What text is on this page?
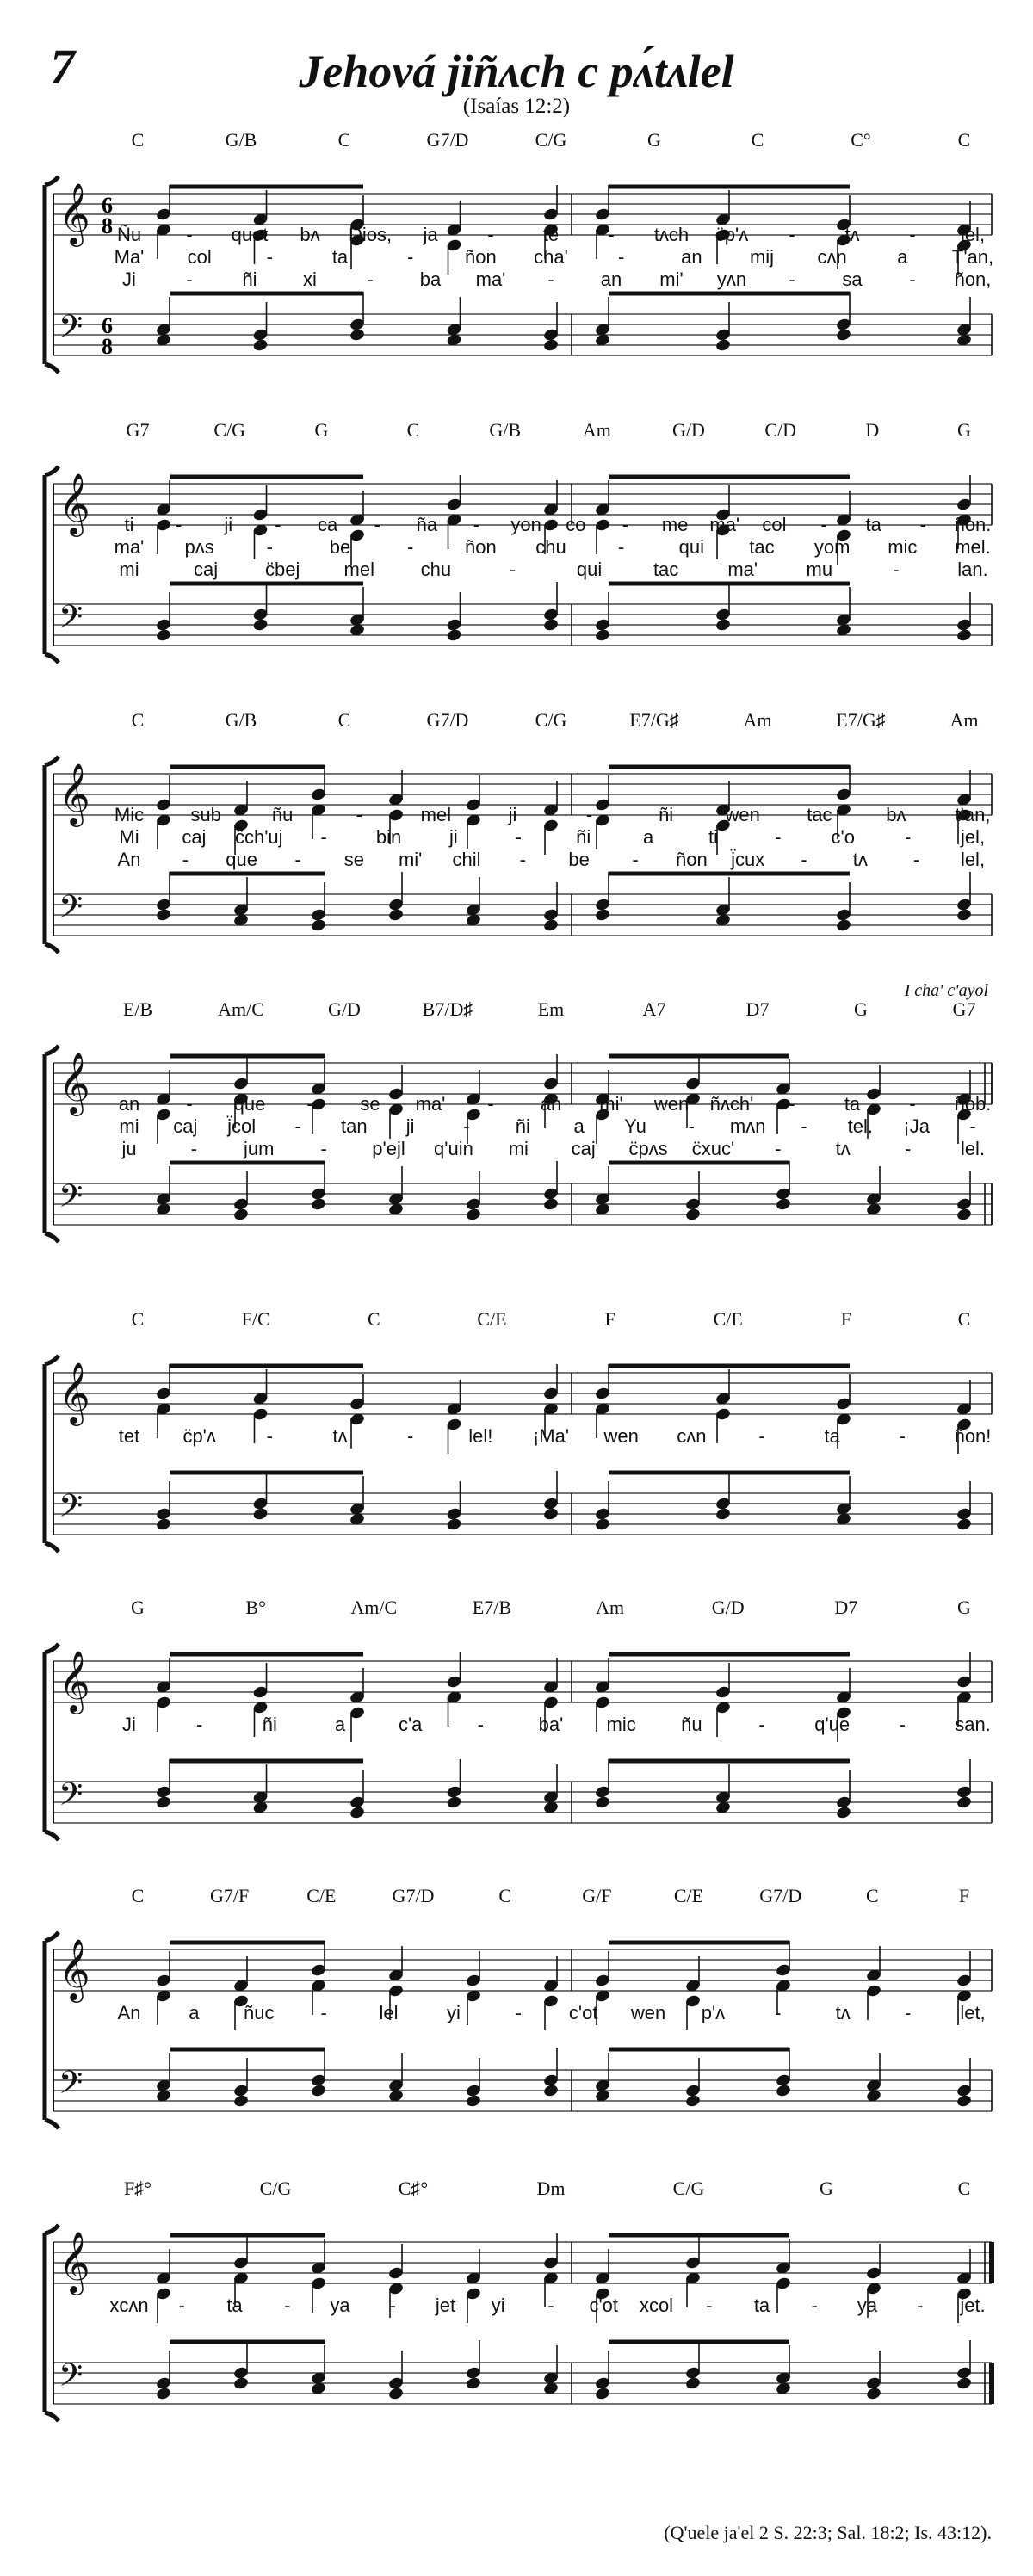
7	Jehová jiñʌch c pʌ́tʌlel
(Isaías 12:2)
𝄞
𝄢
6
8
6
8
C	G/B	C	G7/D	C/G	G	C	C°	C
Ñu - quet bʌ Dios, ja	-	te	- tʌch c̈p'ʌ -	tʌ	- lel,
Ma' col	-	ta	-	ñon cha'	-	an	mij cʌn	a T'an,
Ji	-	ñi xi	- ba ma' - an mi' yʌn - sa - ñon,
𝄞
𝄢
G7	C/G	G	C	G/B	Am	G/D	C/D	D	G
ti - ji - ca - ña - yon co - me ma' col - ta - ñon.
ma' pʌs	-	be	-	ñon chu	-	qui tac yom mic mel.
mi	caj c̈bej mel chu	-	qui	tac	ma'	mu	-	lan.
𝄞
𝄢
C	G/B	C	G7/D	C/G	E7/G♯	Am	E7/G♯	Am
Mic sub	ñu	-	mel	ji	-	ñi	wen tac	bʌ	t'an,
Mi caj c̈ch'uj -	bin	ji	-	ñi	a	ti	-	c'o	-	jel,
An - que - se mi' chil - be - ñon j̈cux - tʌ - lel,
𝄞
𝄢
E/B	Am/C	G/D	B7/D♯	Em	A7	D7	G	G7
an - que - se ma' - an mi' wen ñʌch' -	ta	- ñob.
mi caj j̈col - tan ji	- ñi a Yu - mʌn - tel. ¡Ja -
ju	- jum - p'ejl q'uin mi caj c̈pʌs c̈xuc' -	tʌ	-	lel.
I cha' c'ayol
𝄞
𝄢
C	F/C	C	C/E	F	C/E	F	C
tet c̈p'ʌ	-	tʌ	-	lel! ¡Ma' wen cʌn	-	ta	-	ñon!
𝄞
𝄢
G	B°	Am/C	E7/B	Am	G/D	D7	G
Ji	-	ñi	a	c'a	-	ba' mic ñu	-	q'ue	-	san.
𝄞
𝄢
C	G7/F	C/E	G7/D	C	G/F	C/E	G7/D	C	F
An	a ñuc -	lel	yi	- c'ot wen p'ʌ	-	tʌ	-	let,
𝄞
𝄢
F♯°	C/G	C♯°	Dm	C/G	G	C
xcʌn - ta - ya - jet yi - c'ot xcol - ta - ya - jet.
(Q'uele ja'el 2 S. 22:3; Sal. 18:2; Is. 43:12).
